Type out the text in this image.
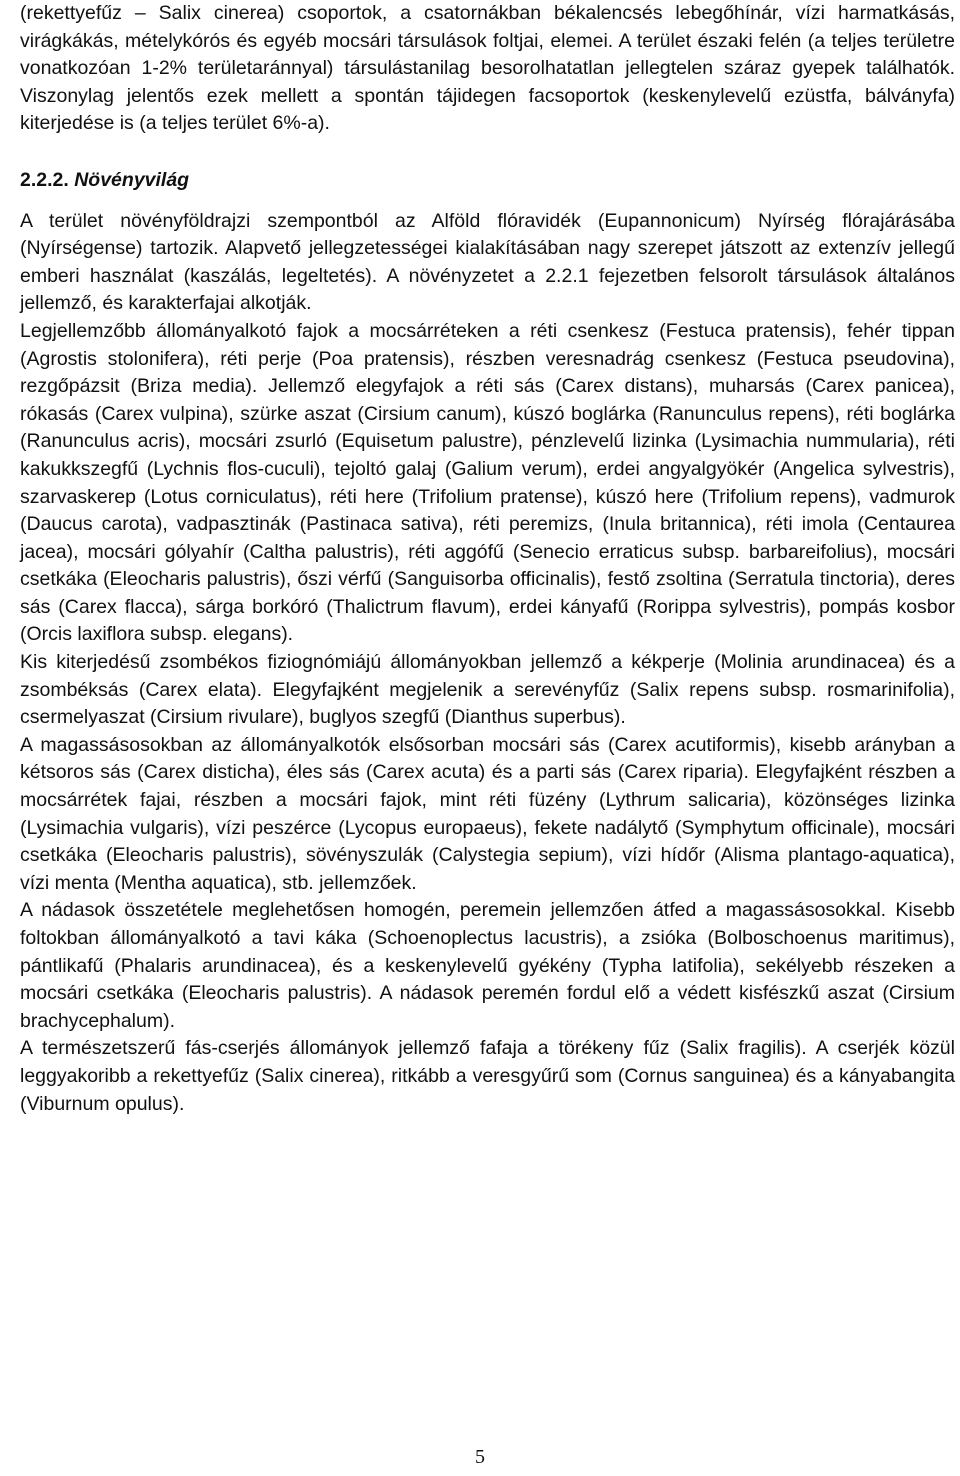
(rekettyefűz – Salix cinerea) csoportok, a csatornákban békalencsés lebegőhínár, vízi harmatkásás, virágkákás, mételykórós és egyéb mocsári társulások foltjai, elemei. A terület északi felén (a teljes területre vonatkozóan 1-2% területaránnyal) társulástanilag besorolhatatlan jellegtelen száraz gyepek találhatók. Viszonylag jelentős ezek mellett a spontán tájidegen facsoportok (keskenylevelű ezüstfa, bálványfa) kiterjedése is (a teljes terület 6%-a).

2.2.2. Növényvilág

A terület növényföldrajzi szempontból az Alföld flóravidék (Eupannonicum) Nyírség flórajárásába (Nyírségense) tartozik. Alapvető jellegzetességei kialakításában nagy szerepet játszott az extenzív jellegű emberi használat (kaszálás, legeltetés). A növényzetet a 2.2.1 fejezetben felsorolt társulások általános jellemző, és karakterfajai alkotják.

Legjellemzőbb állományalkotó fajok a mocsárréteken a réti csenkesz (Festuca pratensis), fehér tippan (Agrostis stolonifera), réti perje (Poa pratensis), részben veresnadrág csenkesz (Festuca pseudovina), rezgőpázsit (Briza media). Jellemző elegyfajok a réti sás (Carex distans), muharsás (Carex panicea), rókasás (Carex vulpina), szürke aszat (Cirsium canum), kúszó boglárka (Ranunculus repens), réti boglárka (Ranunculus acris), mocsári zsurló (Equisetum palustre), pénzlevelű lizinka (Lysimachia nummularia), réti kakukkszegfű (Lychnis flos-cuculi), tejoltó galaj (Galium verum), erdei angyalgyökér (Angelica sylvestris), szarvaskerep (Lotus corniculatus), réti here (Trifolium pratense), kúszó here (Trifolium repens), vadmurok (Daucus carota), vadpasztinák (Pastinaca sativa), réti peremizs, (Inula britannica), réti imola (Centaurea jacea), mocsári gólyahír (Caltha palustris), réti aggófű (Senecio erraticus subsp. barbareifolius), mocsári csetkáka (Eleocharis palustris), őszi vérfű (Sanguisorba officinalis), festő zsoltina (Serratula tinctoria), deres sás (Carex flacca), sárga borkóró (Thalictrum flavum), erdei kányafű (Rorippa sylvestris), pompás kosbor (Orcis laxiflora subsp. elegans).

Kis kiterjedésű zsombékos fiziognómiájú állományokban jellemző a kékperje (Molinia arundinacea) és a zsombéksás (Carex elata). Elegyfajként megjelenik a serevényfűz (Salix repens subsp. rosmarinifolia), csermelyaszat (Cirsium rivulare), buglyos szegfű (Dianthus superbus).

A magassásosokban az állományalkotók elsősorban mocsári sás (Carex acutiformis), kisebb arányban a kétsoros sás (Carex disticha), éles sás (Carex acuta) és a parti sás (Carex riparia). Elegyfajként részben a mocsárrétek fajai, részben a mocsári fajok, mint réti füzény (Lythrum salicaria), közönséges lizinka (Lysimachia vulgaris), vízi peszérce (Lycopus europaeus), fekete nadálytő (Symphytum officinale), mocsári csetkáka (Eleocharis palustris), sövényszulák (Calystegia sepium), vízi hídőr (Alisma plantago-aquatica), vízi menta (Mentha aquatica), stb. jellemzőek.

A nádasok összetétele meglehetősen homogén, peremein jellemzően átfed a magassásosokkal. Kisebb foltokban állományalkotó a tavi káka (Schoenoplectus lacustris), a zsióka (Bolboschoenus maritimus), pántlikafű (Phalaris arundinacea), és a keskenylevelű gyékény (Typha latifolia), sekélyebb részeken a mocsári csetkáka (Eleocharis palustris). A nádasok peremén fordul elő a védett kisfészkű aszat (Cirsium brachycephalum).

A természetszerű fás-cserjés állományok jellemző fafaja a törékeny fűz (Salix fragilis). A cserjék közül leggyakoribb a rekettyefűz (Salix cinerea), ritkább a veresgyűrű som (Cornus sanguinea) és a kányabangita (Viburnum opulus).

5
